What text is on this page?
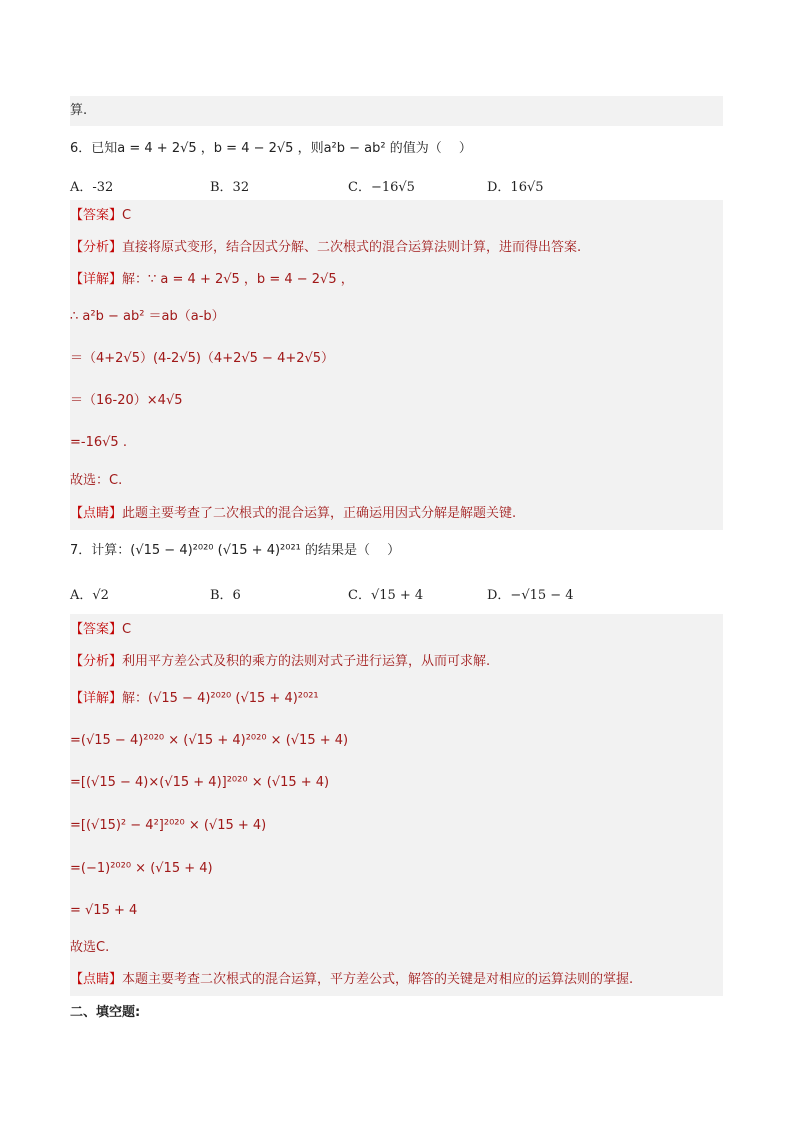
算.
6．已知a = 4 + 2√5 ，b = 4 − 2√5 ，则a²b − ab² 的值为（　 ）
A．-32	B．32	C．−16√5	D．16√5
【答案】 C
【分析】 直接将原式变形，结合因式分解、二次根式的混合运算法则计算，进而得出答案.
【详解】 解：∵ a = 4 + 2√5 ，b = 4 − 2√5 ，
∴ a²b − ab² ＝ab（a-b）
＝（4+2√5）(4-2√5)（4+2√5 − 4+2√5）
＝（16-20）×4√5
=-16√5 .
故选：C.
【点睛】 此题主要考查了二次根式的混合运算，正确运用因式分解是解题关键.
7．计算：(√15 − 4)²⁰²⁰ (√15 + 4)²⁰²¹ 的结果是（　 ）
A．√2	B．6	C．√15 + 4	D．−√15 − 4
【答案】 C
【分析】 利用平方差公式及积的乘方的法则对式子进行运算，从而可求解.
【详解】 解：(√15 − 4)²⁰²⁰ (√15 + 4)²⁰²¹
=(√15 − 4)²⁰²⁰ × (√15 + 4)²⁰²⁰ × (√15 + 4)
=[(√15 − 4)×(√15 + 4)]²⁰²⁰ × (√15 + 4)
=[(√15)² − 4²]²⁰²⁰ × (√15 + 4)
=(−1)²⁰²⁰ × (√15 + 4)
= √15 + 4
故选C.
【点睛】 本题主要考查二次根式的混合运算，平方差公式，解答的关键是对相应的运算法则的掌握.
二、填空题:
